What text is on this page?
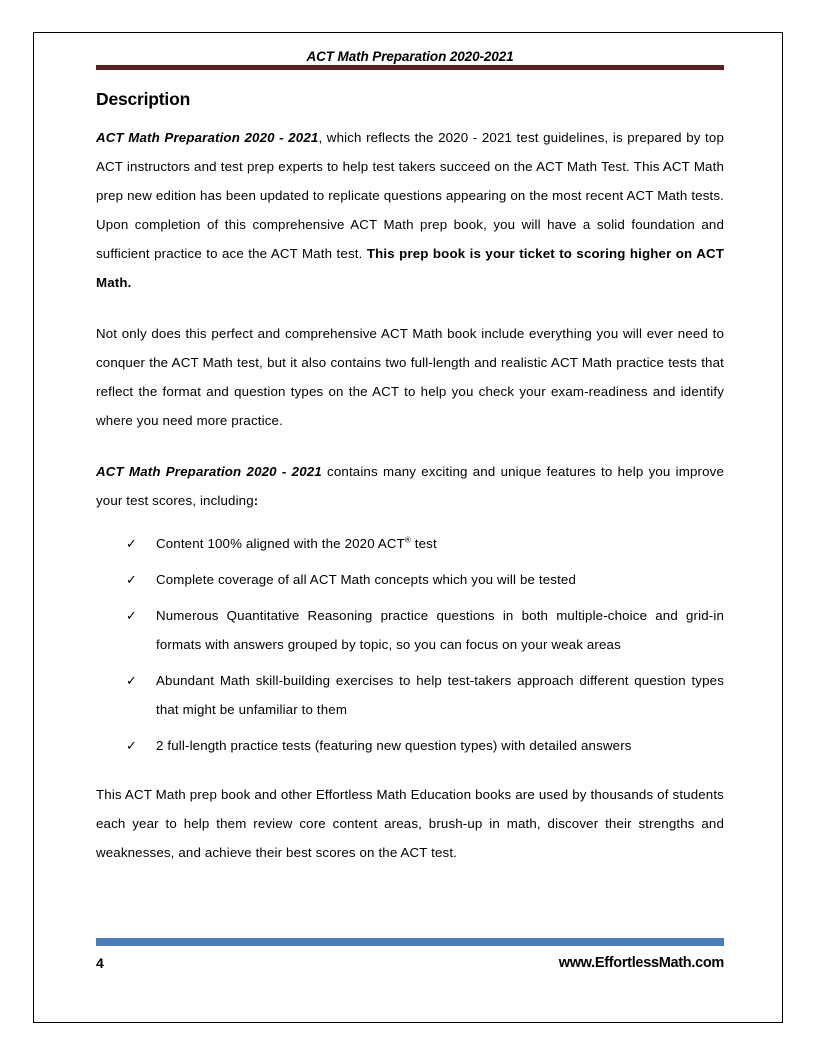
ACT Math Preparation 2020-2021
Description

ACT Math Preparation 2020 - 2021, which reflects the 2020 - 2021 test guidelines, is prepared by top ACT instructors and test prep experts to help test takers succeed on the ACT Math Test. This ACT Math prep new edition has been updated to replicate questions appearing on the most recent ACT Math tests. Upon completion of this comprehensive ACT Math prep book, you will have a solid foundation and sufficient practice to ace the ACT Math test. This prep book is your ticket to scoring higher on ACT Math.

Not only does this perfect and comprehensive ACT Math book include everything you will ever need to conquer the ACT Math test, but it also contains two full-length and realistic ACT Math practice tests that reflect the format and question types on the ACT to help you check your exam-readiness and identify where you need more practice.

ACT Math Preparation 2020 - 2021 contains many exciting and unique features to help you improve your test scores, including:

✓	Content 100% aligned with the 2020 ACT® test
✓	Complete coverage of all ACT Math concepts which you will be tested
✓	Numerous Quantitative Reasoning practice questions in both multiple-choice and grid-in formats with answers grouped by topic, so you can focus on your weak areas
✓	Abundant Math skill-building exercises to help test-takers approach different question types that might be unfamiliar to them
✓	2 full-length practice tests (featuring new question types) with detailed answers

This ACT Math prep book and other Effortless Math Education books are used by thousands of students each year to help them review core content areas, brush-up in math, discover their strengths and weaknesses, and achieve their best scores on the ACT test.

4	www.EffortlessMath.com
